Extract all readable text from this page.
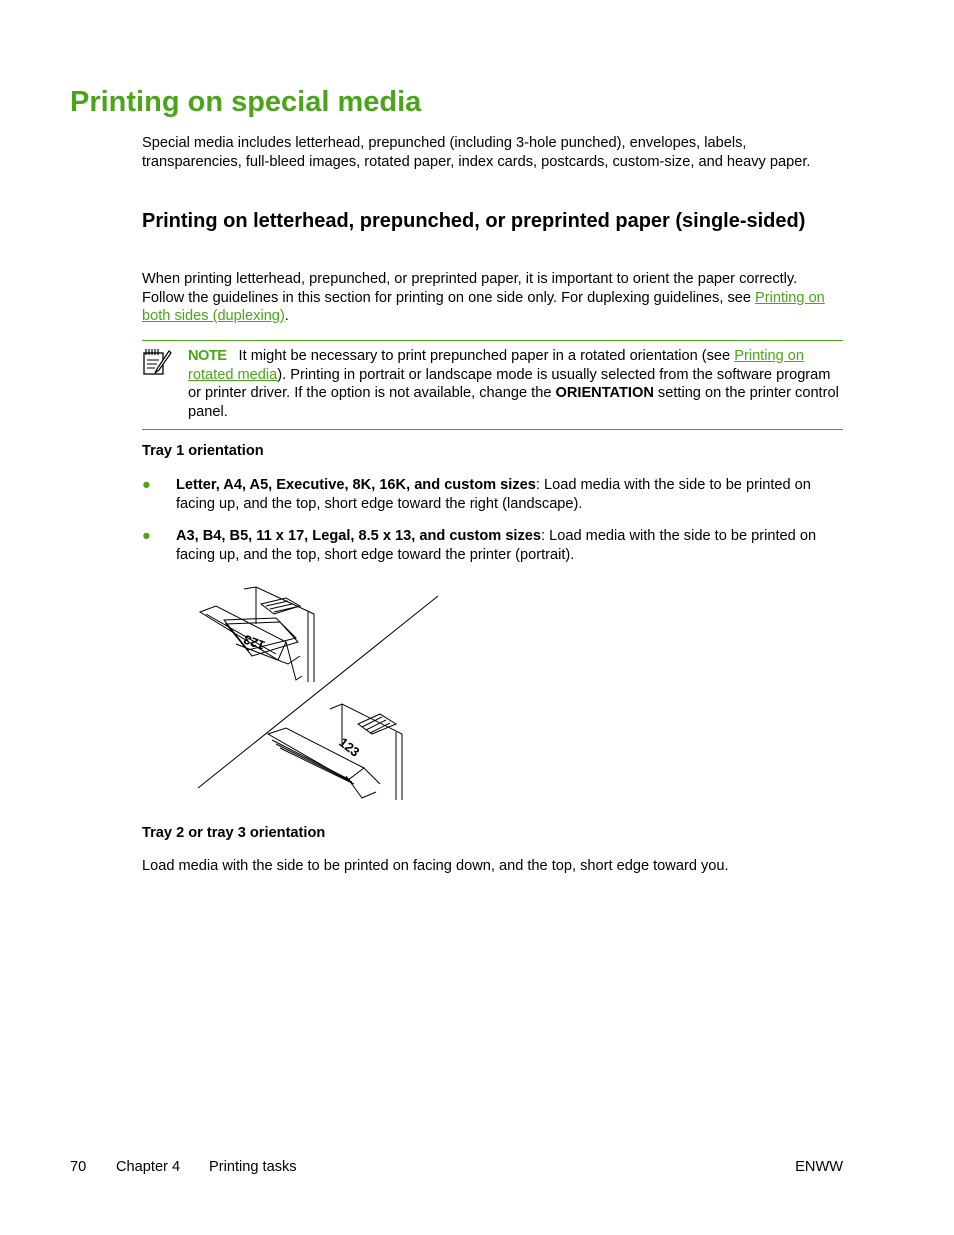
Printing on special media

Special media includes letterhead, prepunched (including 3-hole punched), envelopes, labels, transparencies, full-bleed images, rotated paper, index cards, postcards, custom-size, and heavy paper.

Printing on letterhead, prepunched, or preprinted paper (single-sided)

When printing letterhead, prepunched, or preprinted paper, it is important to orient the paper correctly. Follow the guidelines in this section for printing on one side only. For duplexing guidelines, see Printing on both sides (duplexing).

NOTE It might be necessary to print prepunched paper in a rotated orientation (see Printing on rotated media). Printing in portrait or landscape mode is usually selected from the software program or printer driver. If the option is not available, change the ORIENTATION setting on the printer control panel.

Tray 1 orientation

● Letter, A4, A5, Executive, 8K, 16K, and custom sizes: Load media with the side to be printed on facing up, and the top, short edge toward the right (landscape).
● A3, B4, B5, 11 x 17, Legal, 8.5 x 13, and custom sizes: Load media with the side to be printed on facing up, and the top, short edge toward the printer (portrait).
123
123

Tray 2 or tray 3 orientation

Load media with the side to be printed on facing down, and the top, short edge toward you.

70 Chapter 4 Printing tasks	ENWW
